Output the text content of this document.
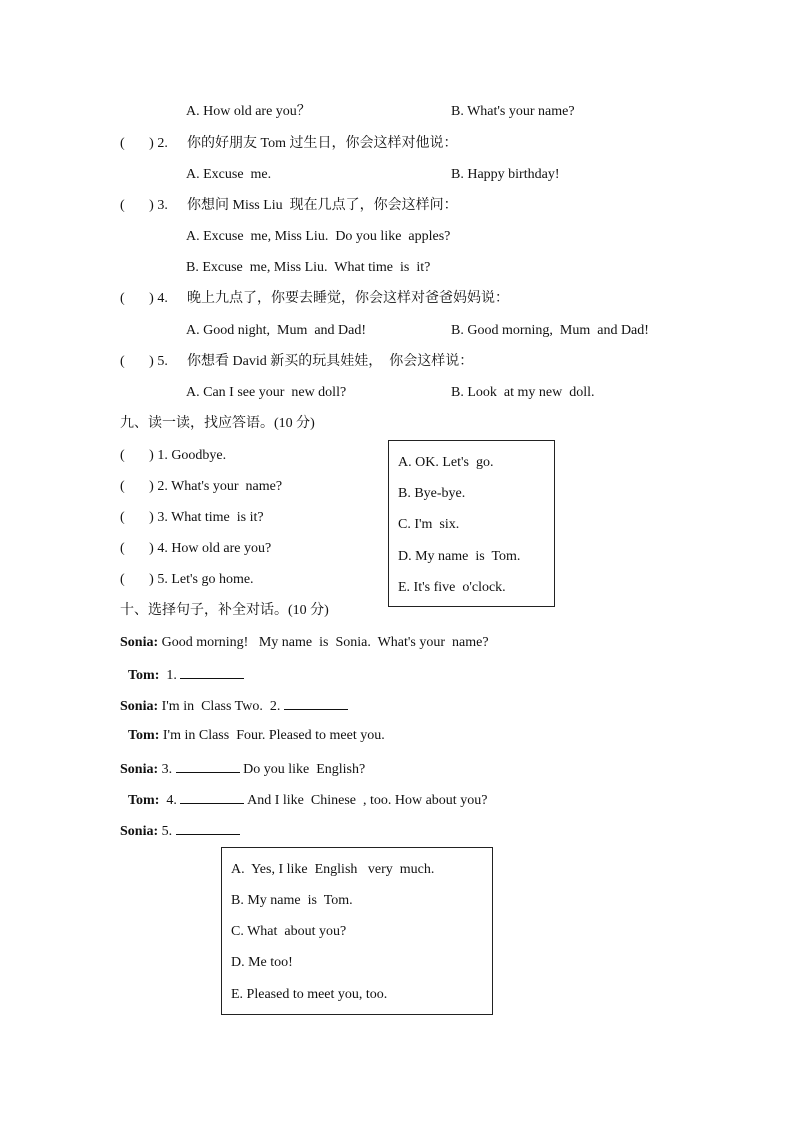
A. How old are you？	B. What's your name?
(       ) 2. 你的好朋友 Tom 过生日，你会这样对他说：
A. Excuse  me.	B. Happy birthday!
(       ) 3. 你想问 Miss Liu  现在几点了，你会这样问：
A. Excuse  me, Miss Liu.  Do you like  apples?
B. Excuse  me, Miss Liu.  What time  is  it?
(       ) 4. 晚上九点了，你要去睡觉，你会这样对爸爸妈妈说：
A. Good night,  Mum  and Dad!	B. Good morning,  Mum  and Dad!
(       ) 5. 你想看 David 新买的玩具娃娃，  你会这样说：
A. Can I see your  new doll?	B. Look  at my new  doll.
九、读一读，找应答语。(10 分)
(       ) 1. Goodbye.
(       ) 2. What's your  name?
(       ) 3. What time  is it?
(       ) 4. How old are you?
(       ) 5. Let's go home.
A. OK. Let's  go.
B. Bye-bye.
C. I'm  six.
D. My name  is  Tom.
E. It's five  o'clock.
十、选择句子，补全对话。(10 分)
Sonia: Good morning!   My name  is  Sonia.  What's your  name?
Tom: 1.
Sonia: I'm in  Class Two.  2.
Tom: I'm in Class  Four. Pleased to meet you.
Sonia: 3.	Do you like  English?
Tom: 4.	And I like  Chinese  , too. How about you?
Sonia: 5.
A.  Yes, I like  English   very  much.
B. My name  is  Tom.
C. What  about you?
D. Me too!
E. Pleased to meet you, too.
